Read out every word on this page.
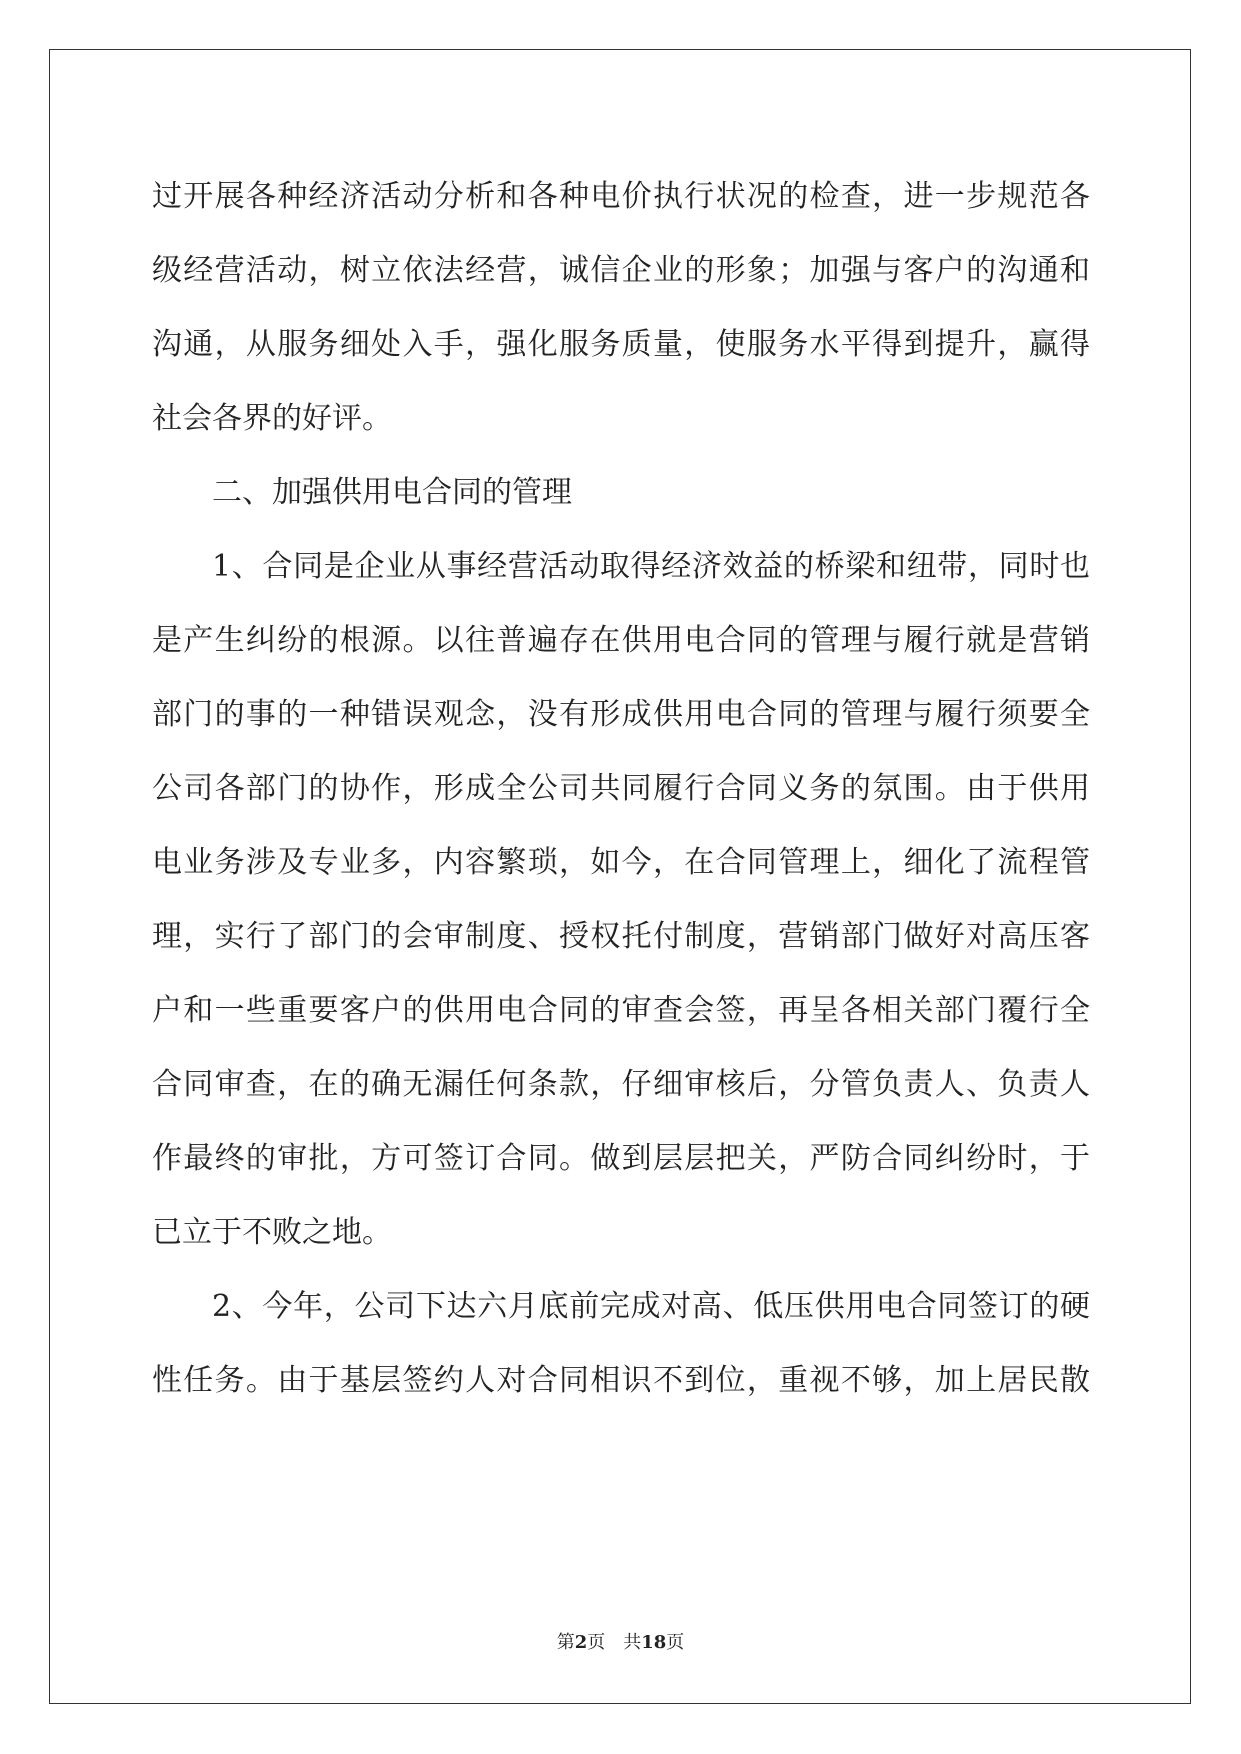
过开展各种经济活动分析和各种电价执行状况的检查，进一步规范各
级经营活动，树立依法经营，诚信企业的形象；加强与客户的沟通和
沟通，从服务细处入手，强化服务质量，使服务水平得到提升，赢得
社会各界的好评。
二、加强供用电合同的管理
1、合同是企业从事经营活动取得经济效益的桥梁和纽带，同时也
是产生纠纷的根源。以往普遍存在供用电合同的管理与履行就是营销
部门的事的一种错误观念，没有形成供用电合同的管理与履行须要全
公司各部门的协作，形成全公司共同履行合同义务的氛围。由于供用
电业务涉及专业多，内容繁琐，如今，在合同管理上，细化了流程管
理，实行了部门的会审制度、授权托付制度，营销部门做好对高压客
户和一些重要客户的供用电合同的审查会签，再呈各相关部门覆行全
合同审查，在的确无漏任何条款，仔细审核后，分管负责人、负责人
作最终的审批，方可签订合同。做到层层把关，严防合同纠纷时，于
已立于不败之地。
2、今年，公司下达六月底前完成对高、低压供用电合同签订的硬
性任务。由于基层签约人对合同相识不到位，重视不够，加上居民散
第2页　共18页
